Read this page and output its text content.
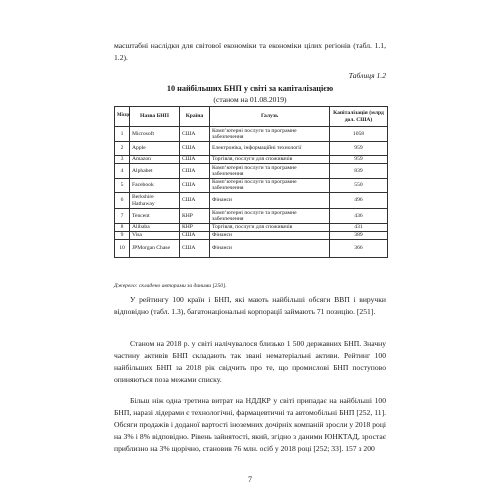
масштабні наслідки для світової економіки та економіки цілих регіонів (табл. 1.1, 1.2).

Таблиця 1.2
10 найбільших БНП у світі за капіталізацією
(станом на 01.08.2019)
Місце	Назва БНП	Країна	Галузь	Капіталізація (млрд дол. США)
1	Microsoft	США	Комп’ютерні послуги та програмне забезпечення	1058
2	Apple	США	Електроніка, інформаційні технології	959
3	Amazon	США	Торгівля, послуги для споживачів	959
4	Alphabet	США	Комп’ютерні послуги та програмне забезпечення	839
5	Facebook	США	Комп’ютерні послуги та програмне забезпечення	550
6	Berkshire Hathaway	США	Фінанси	496
7	Tencent	КНР	Комп’ютерні послуги та програмне забезпечення	436
8	Alibaba	КНР	Торгівля, послуги для споживачів	431
9	Visa	США	Фінанси	389
10	JPMorgan Chase	США	Фінанси	366
Джерело: складено авторами за даними [250].

У рейтингу 100 країн і БНП, які мають найбільші обсяги ВВП і виручки відповідно (табл. 1.3), багатонаціональні корпорації займають 71 позицію. [251].

Станом на 2018 р. у світі налічувалося близько 1 500 державних БНП. Значну частину активів БНП складають так звані нематеріальні активи. Рейтинг 100 найбільших БНП за 2018 рік свідчить про те, що промислові БНП поступово опиняються поза межами списку.

Більш ніж одна третина витрат на НДДКР у світі припадає на найбільші 100 БНП, наразі лідерами є технологічні, фармацевтичні та автомобільні БНП [252, 11]. Обсяги продажів і доданої вартості іноземних дочірніх компаній зросли у 2018 році на 3% і 8% відповідно. Рівень зайнятості, який, згідно з даними ЮНКТАД, зростає приблизно на 3% щорічно, становив 76 млн. осіб у 2018 році [252; 33]. 157 з 200

7
